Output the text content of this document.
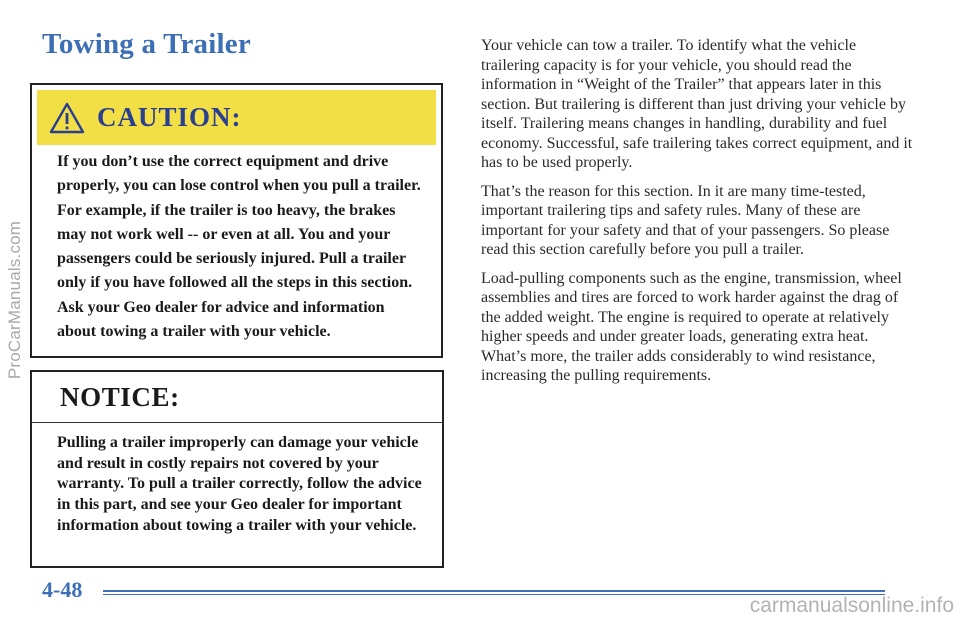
ProCarManuals.com
Towing a Trailer
CAUTION:
If you don’t use the correct equipment and drive properly, you can lose control when you pull a trailer. For example, if the trailer is too heavy, the brakes may not work well -- or even at all. You and your passengers could be seriously injured. Pull a trailer only if you have followed all the steps in this section. Ask your Geo dealer for advice and information about towing a trailer with your vehicle.
NOTICE:
Pulling a trailer improperly can damage your vehicle and result in costly repairs not covered by your warranty. To pull a trailer correctly, follow the advice in this part, and see your Geo dealer for important information about towing a trailer with your vehicle.

Your vehicle can tow a trailer. To identify what the vehicle trailering capacity is for your vehicle, you should read the information in “Weight of the Trailer” that appears later in this section. But trailering is different than just driving your vehicle by itself. Trailering means changes in handling, durability and fuel economy. Successful, safe trailering takes correct equipment, and it has to be used properly.

That’s the reason for this section. In it are many time-tested, important trailering tips and safety rules. Many of these are important for your safety and that of your passengers. So please read this section carefully before you pull a trailer.

Load-pulling components such as the engine, transmission, wheel assemblies and tires are forced to work harder against the drag of the added weight. The engine is required to operate at relatively higher speeds and under greater loads, generating extra heat. What’s more, the trailer adds considerably to wind resistance, increasing the pulling requirements.

4-48
carmanualsonline.info
